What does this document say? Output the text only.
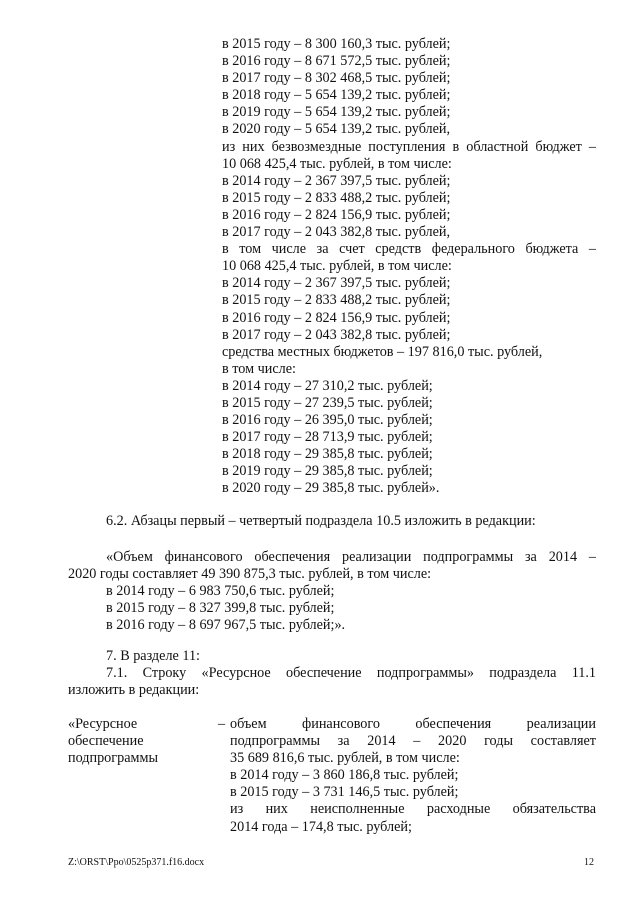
в 2015 году – 8 300 160,3 тыс. рублей;
в 2016 году – 8 671 572,5 тыс. рублей;
в 2017 году – 8 302 468,5 тыс. рублей;
в 2018 году – 5 654 139,2 тыс. рублей;
в 2019 году – 5 654 139,2 тыс. рублей;
в 2020 году – 5 654 139,2 тыс. рублей,
из них безвозмездные поступления в областной бюджет –
10 068 425,4 тыс. рублей, в том числе:
в 2014 году – 2 367 397,5 тыс. рублей;
в 2015 году – 2 833 488,2 тыс. рублей;
в 2016 году – 2 824 156,9 тыс. рублей;
в 2017 году – 2 043 382,8 тыс. рублей,
в том числе за счет средств федерального бюджета –
10 068 425,4 тыс. рублей, в том числе:
в 2014 году – 2 367 397,5 тыс. рублей;
в 2015 году – 2 833 488,2 тыс. рублей;
в 2016 году – 2 824 156,9 тыс. рублей;
в 2017 году – 2 043 382,8 тыс. рублей;
средства местных бюджетов – 197 816,0 тыс. рублей,
в том числе:
в 2014 году – 27 310,2 тыс. рублей;
в 2015 году – 27 239,5 тыс. рублей;
в 2016 году – 26 395,0 тыс. рублей;
в 2017 году – 28 713,9 тыс. рублей;
в 2018 году – 29 385,8 тыс. рублей;
в 2019 году – 29 385,8 тыс. рублей;
в 2020 году – 29 385,8 тыс. рублей».
6.2. Абзацы первый – четвертый подраздела 10.5 изложить в редакции:
«Объем финансового обеспечения реализации подпрограммы за 2014 –
2020 годы составляет 49 390 875,3 тыс. рублей, в том числе:
в 2014 году – 6 983 750,6 тыс. рублей;
в 2015 году – 8 327 399,8 тыс. рублей;
в 2016 году – 8 697 967,5 тыс. рублей;».
7. В разделе 11:
7.1. Строку «Ресурсное обеспечение подпрограммы» подраздела 11.1
изложить в редакции:
«Ресурсное
обеспечение
подпрограммы
– объем финансового обеспечения реализации
подпрограммы за 2014 – 2020 годы составляет
35 689 816,6 тыс. рублей, в том числе:
в 2014 году – 3 860 186,8 тыс. рублей;
в 2015 году – 3 731 146,5 тыс. рублей;
из них неисполненные расходные обязательства
2014 года – 174,8 тыс. рублей;
Z:\ORST\Ppo\0525p371.f16.docx	12
